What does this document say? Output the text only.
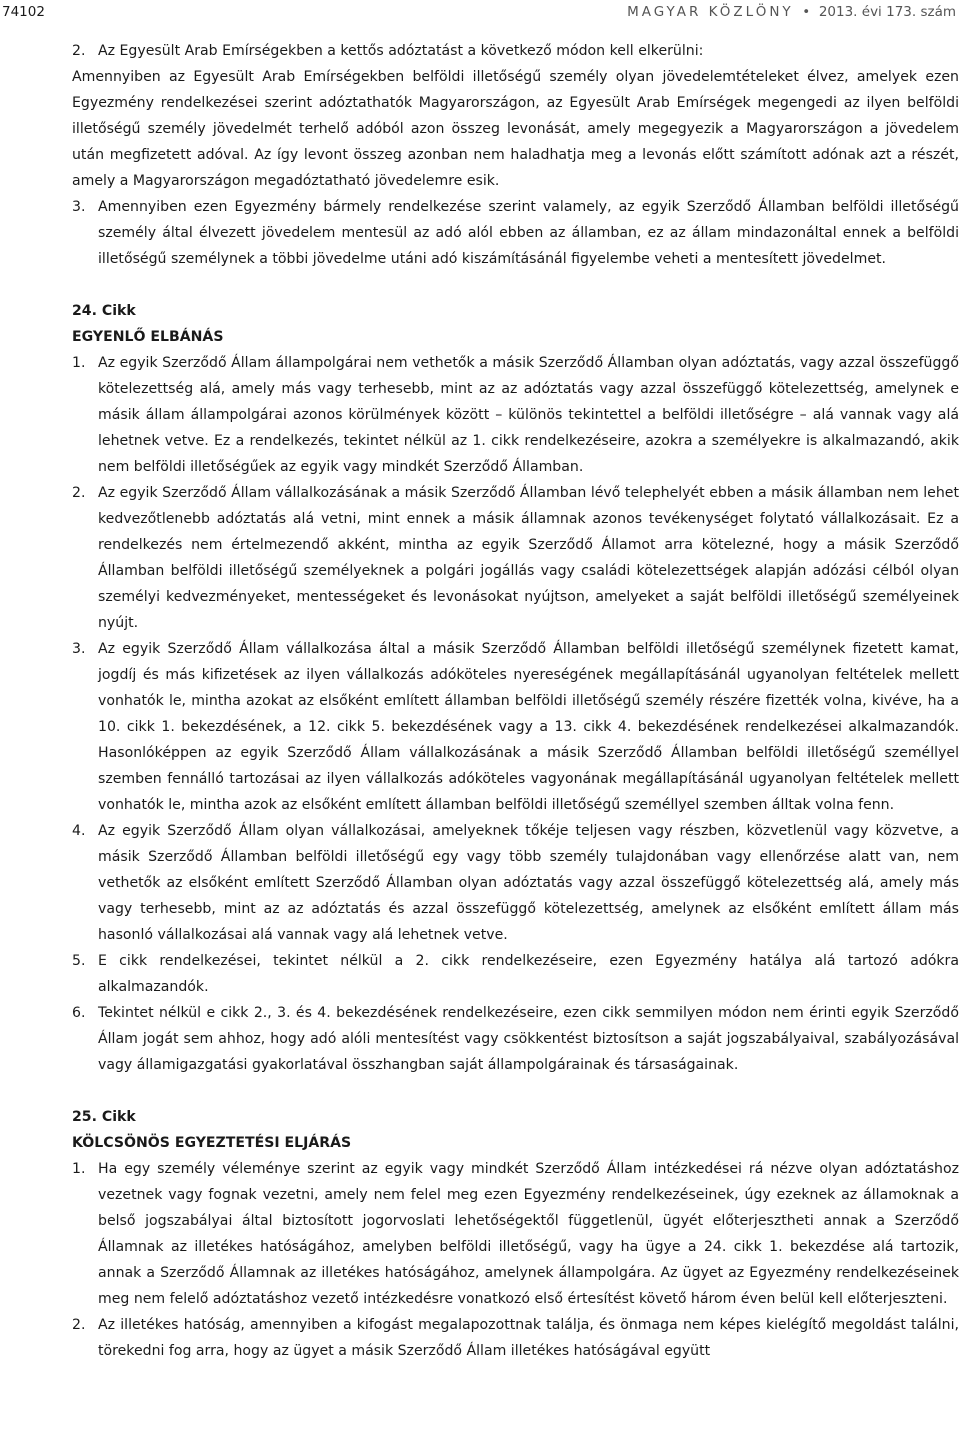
74102	MAGYAR KÖZLÖNY • 2013. évi 173. szám
2. Az Egyesült Arab Emírségekben a kettős adóztatást a következő módon kell elkerülni:
Amennyiben az Egyesült Arab Emírségekben belföldi illetőségű személy olyan jövedelemtételeket élvez, amelyek ezen Egyezmény rendelkezései szerint adóztathatók Magyarországon, az Egyesült Arab Emírségek megengedi az ilyen belföldi illetőségű személy jövedelmét terhelő adóból azon összeg levonását, amely megegyezik a Magyarországon a jövedelem után megfizetett adóval. Az így levont összeg azonban nem haladhatja meg a levonás előtt számított adónak azt a részét, amely a Magyarországon megadóztatható jövedelemre esik.
3. Amennyiben ezen Egyezmény bármely rendelkezése szerint valamely, az egyik Szerződő Államban belföldi illetőségű személy által élvezett jövedelem mentesül az adó alól ebben az államban, ez az állam mindazonáltal ennek a belföldi illetőségű személynek a többi jövedelme utáni adó kiszámításánál figyelembe veheti a mentesített jövedelmet.
24. Cikk
EGYENLŐ ELBÁNÁS
1. Az egyik Szerződő Állam állampolgárai nem vethetők a másik Szerződő Államban olyan adóztatás, vagy azzal összefüggő kötelezettség alá, amely más vagy terhesebb, mint az az adóztatás vagy azzal összefüggő kötelezettség, amelynek e másik állam állampolgárai azonos körülmények között – különös tekintettel a belföldi illetőségre – alá vannak vagy alá lehetnek vetve. Ez a rendelkezés, tekintet nélkül az 1. cikk rendelkezéseire, azokra a személyekre is alkalmazandó, akik nem belföldi illetőségűek az egyik vagy mindkét Szerződő Államban.
2. Az egyik Szerződő Állam vállalkozásának a másik Szerződő Államban lévő telephelyét ebben a másik államban nem lehet kedvezőtlenebb adóztatás alá vetni, mint ennek a másik államnak azonos tevékenységet folytató vállalkozásait. Ez a rendelkezés nem értelmezendő akként, mintha az egyik Szerződő Államot arra kötelezné, hogy a másik Szerződő Államban belföldi illetőségű személyeknek a polgári jogállás vagy családi kötelezettségek alapján adózási célból olyan személyi kedvezményeket, mentességeket és levonásokat nyújtson, amelyeket a saját belföldi illetőségű személyeinek nyújt.
3. Az egyik Szerződő Állam vállalkozása által a másik Szerződő Államban belföldi illetőségű személynek fizetett kamat, jogdíj és más kifizetések az ilyen vállalkozás adóköteles nyereségének megállapításánál ugyanolyan feltételek mellett vonhatók le, mintha azokat az elsőként említett államban belföldi illetőségű személy részére fizették volna, kivéve, ha a 10. cikk 1. bekezdésének, a 12. cikk 5. bekezdésének vagy a 13. cikk 4. bekezdésének rendelkezései alkalmazandók. Hasonlóképpen az egyik Szerződő Állam vállalkozásának a másik Szerződő Államban belföldi illetőségű személlyel szemben fennálló tartozásai az ilyen vállalkozás adóköteles vagyonának megállapításánál ugyanolyan feltételek mellett vonhatók le, mintha azok az elsőként említett államban belföldi illetőségű személlyel szemben álltak volna fenn.
4. Az egyik Szerződő Állam olyan vállalkozásai, amelyeknek tőkéje teljesen vagy részben, közvetlenül vagy közvetve, a másik Szerződő Államban belföldi illetőségű egy vagy több személy tulajdonában vagy ellenőrzése alatt van, nem vethetők az elsőként említett Szerződő Államban olyan adóztatás vagy azzal összefüggő kötelezettség alá, amely más vagy terhesebb, mint az az adóztatás és azzal összefüggő kötelezettség, amelynek az elsőként említett állam más hasonló vállalkozásai alá vannak vagy alá lehetnek vetve.
5. E cikk rendelkezései, tekintet nélkül a 2. cikk rendelkezéseire, ezen Egyezmény hatálya alá tartozó adókra alkalmazandók.
6. Tekintet nélkül e cikk 2., 3. és 4. bekezdésének rendelkezéseire, ezen cikk semmilyen módon nem érinti egyik Szerződő Állam jogát sem ahhoz, hogy adó alóli mentesítést vagy csökkentést biztosítson a saját jogszabályaival, szabályozásával vagy államigazgatási gyakorlatával összhangban saját állampolgárainak és társaságainak.
25. Cikk
KÖLCSÖNÖS EGYEZTETÉSI ELJÁRÁS
1. Ha egy személy véleménye szerint az egyik vagy mindkét Szerződő Állam intézkedései rá nézve olyan adóztatáshoz vezetnek vagy fognak vezetni, amely nem felel meg ezen Egyezmény rendelkezéseinek, úgy ezeknek az államoknak a belső jogszabályai által biztosított jogorvoslati lehetőségektől függetlenül, ügyét előterjesztheti annak a Szerződő Államnak az illetékes hatóságához, amelyben belföldi illetőségű, vagy ha ügye a 24. cikk 1. bekezdése alá tartozik, annak a Szerződő Államnak az illetékes hatóságához, amelynek állampolgára. Az ügyet az Egyezmény rendelkezéseinek meg nem felelő adóztatáshoz vezető intézkedésre vonatkozó első értesítést követő három éven belül kell előterjeszteni.
2. Az illetékes hatóság, amennyiben a kifogást megalapozottnak találja, és önmaga nem képes kielégítő megoldást találni, törekedni fog arra, hogy az ügyet a másik Szerződő Állam illetékes hatóságával együtt
